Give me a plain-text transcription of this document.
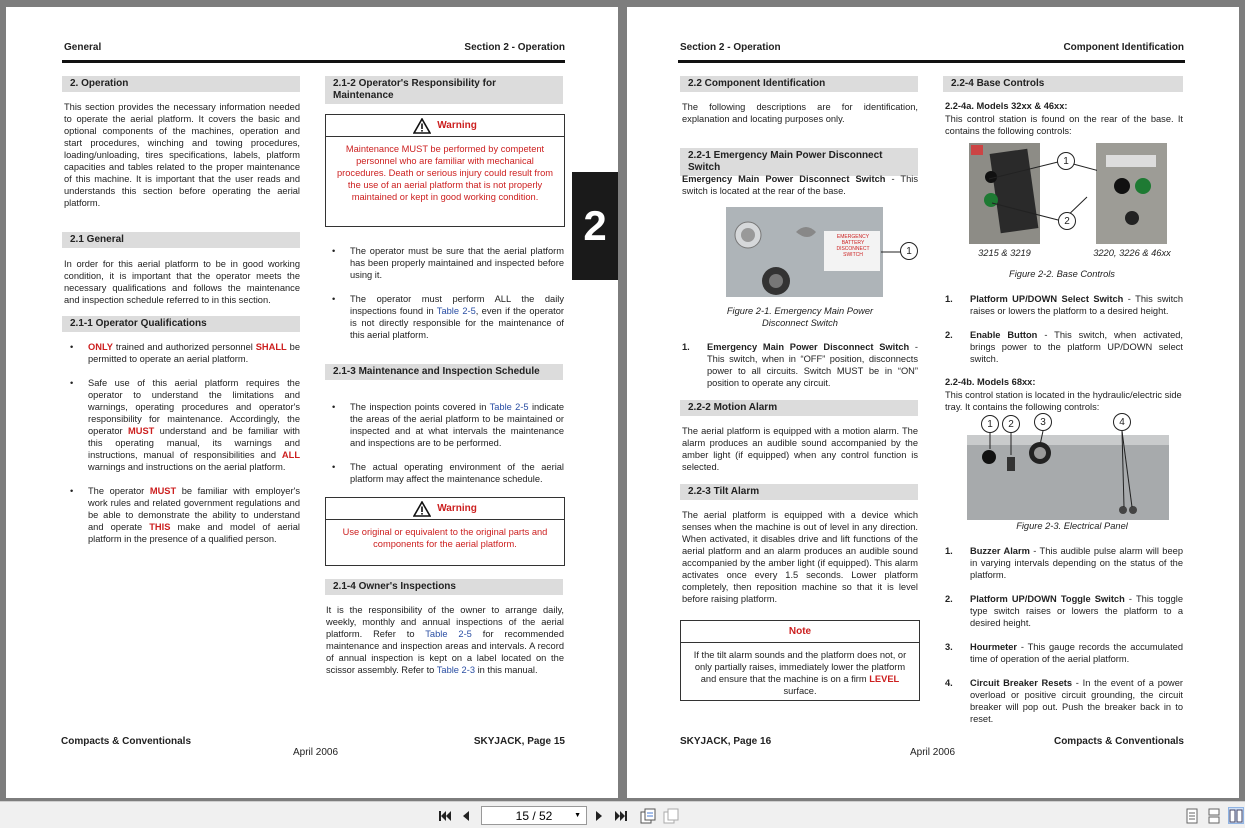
General	Section 2 - Operation
2. Operation
This section provides the necessary information needed to operate the aerial platform. It covers the basic and optional components of the machines, operation and start procedures, winching and towing procedures, loading/unloading, tires specifications, labels, platform capacities and tables related to the proper maintenance of this machine. It is important that the user reads and understands this section before operating the aerial platform.
2.1 General
In order for this aerial platform to be in good working condition, it is important that the operator meets the necessary qualifications and follows the maintenance and inspection schedule referred to in this section.
2.1-1 Operator Qualifications
• ONLY trained and authorized personnel SHALL be permitted to operate an aerial platform.
• Safe use of this aerial platform requires the operator to understand the limitations and warnings, operating procedures and operator's responsibility for maintenance. Accordingly, the operator MUST understand and be familiar with this operating manual, its warnings and instructions, manual of responsibilities and ALL warnings and instructions on the aerial platform.
• The operator MUST be familiar with employer's work rules and related government regulations and be able to demonstrate the ability to understand and operate THIS make and model of aerial platform in the presence of a qualified person.
2.1-2 Operator's Responsibility for Maintenance
Warning
Maintenance MUST be performed by competent personnel who are familiar with mechanical procedures. Death or serious injury could result from the use of an aerial platform that is not properly maintained or kept in good working condition.
• The operator must be sure that the aerial platform has been properly maintained and inspected before using it.
• The operator must perform ALL the daily inspections found in Table 2-5, even if the operator is not directly responsible for the maintenance of this aerial platform.
2.1-3 Maintenance and Inspection Schedule
• The inspection points covered in Table 2-5 indicate the areas of the aerial platform to be maintained or inspected and at what intervals the maintenance and inspections are to be performed.
• The actual operating environment of the aerial platform may affect the maintenance schedule.
Warning
Use original or equivalent to the original parts and components for the aerial platform.
2.1-4 Owner's Inspections
It is the responsibility of the owner to arrange daily, weekly, monthly and annual inspections of the aerial platform. Refer to Table 2-5 for recommended maintenance and inspection areas and intervals. A record of annual inspection is kept on a label located on the scissor assembly. Refer to Table 2-3 in this manual.
2
Compacts & Conventionals	SKYJACK, Page 15
April 2006
Section 2 - Operation	Component Identification
2.2 Component Identification
The following descriptions are for identification, explanation and locating purposes only.
2.2-1 Emergency Main Power Disconnect Switch
Emergency Main Power Disconnect Switch - This switch is located at the rear of the base.
EMERGENCY BATTERY DISCONNECT SWITCH	1
Figure 2-1. Emergency Main Power Disconnect Switch
1. Emergency Main Power Disconnect Switch - This switch, when in “OFF” position, disconnects power to all circuits. Switch MUST be in “ON” position to operate any circuit.
2.2-2 Motion Alarm
The aerial platform is equipped with a motion alarm. The alarm produces an audible sound accompanied by the amber light (if equipped) when any control function is selected.
2.2-3 Tilt Alarm
The aerial platform is equipped with a device which senses when the machine is out of level in any direction. When activated, it disables drive and lift functions of the aerial platform and an alarm produces an audible sound accompanied by the amber light (if equipped). This alarm activates once every 1.5 seconds. Lower platform completely, then reposition machine so that it is level before raising platform.
Note
If the tilt alarm sounds and the platform does not, or only partially raises, immediately lower the platform and ensure that the machine is on a firm LEVEL surface.
2.2-4 Base Controls
2.2-4a. Models 32xx & 46xx:
This control station is found on the rear of the base. It contains the following controls:
1
2
3215 & 3219	3220, 3226 & 46xx
Figure 2-2. Base Controls
1. Platform UP/DOWN Select Switch - This switch raises or lowers the platform to a desired height.
2. Enable Button - This switch, when activated, brings power to the platform UP/DOWN select switch.
2.2-4b. Models 68xx:
This control station is located in the hydraulic/electric side tray. It contains the following controls:
1	2	3	4
Figure 2-3. Electrical Panel
1. Buzzer Alarm - This audible pulse alarm will beep in varying intervals depending on the status of the platform.
2. Platform UP/DOWN Toggle Switch - This toggle type switch raises or lowers the platform to a desired height.
3. Hourmeter - This gauge records the accumulated time of operation of the aerial platform.
4. Circuit Breaker Resets - In the event of a power overload or positive circuit grounding, the circuit breaker will pop out. Push the breaker back in to reset.
SKYJACK, Page 16	Compacts & Conventionals
April 2006
15 / 52	▼
